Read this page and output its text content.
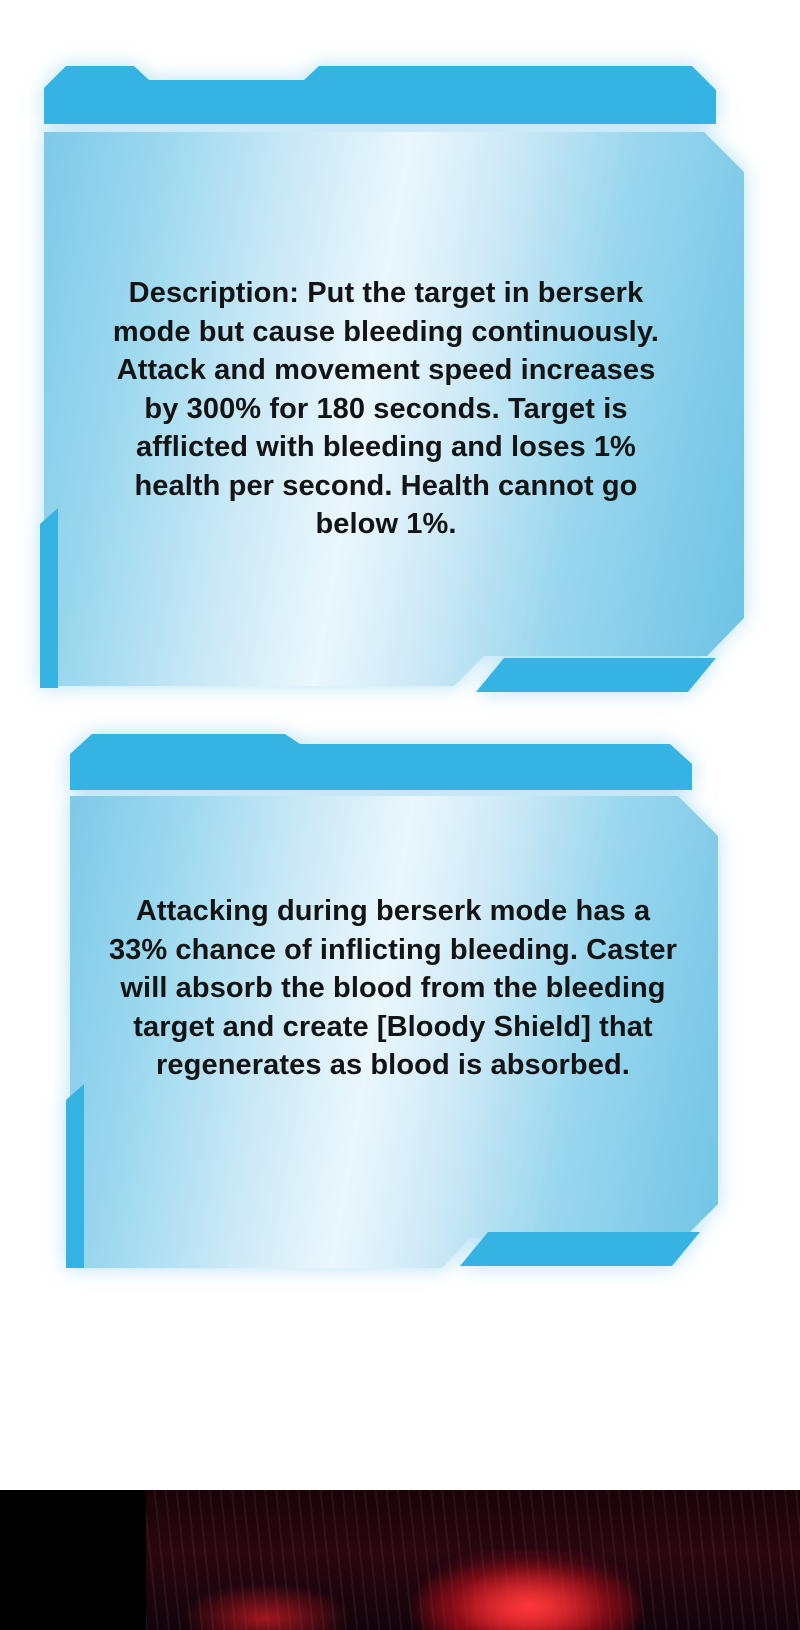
Description: Put the target in berserk mode but cause bleeding continuously. Attack and movement speed increases by 300% for 180 seconds. Target is afflicted with bleeding and loses 1% health per second. Health cannot go below 1%.
Attacking during berserk mode has a 33% chance of inflicting bleeding. Caster will absorb the blood from the bleeding target and create [Bloody Shield] that regenerates as blood is absorbed.
